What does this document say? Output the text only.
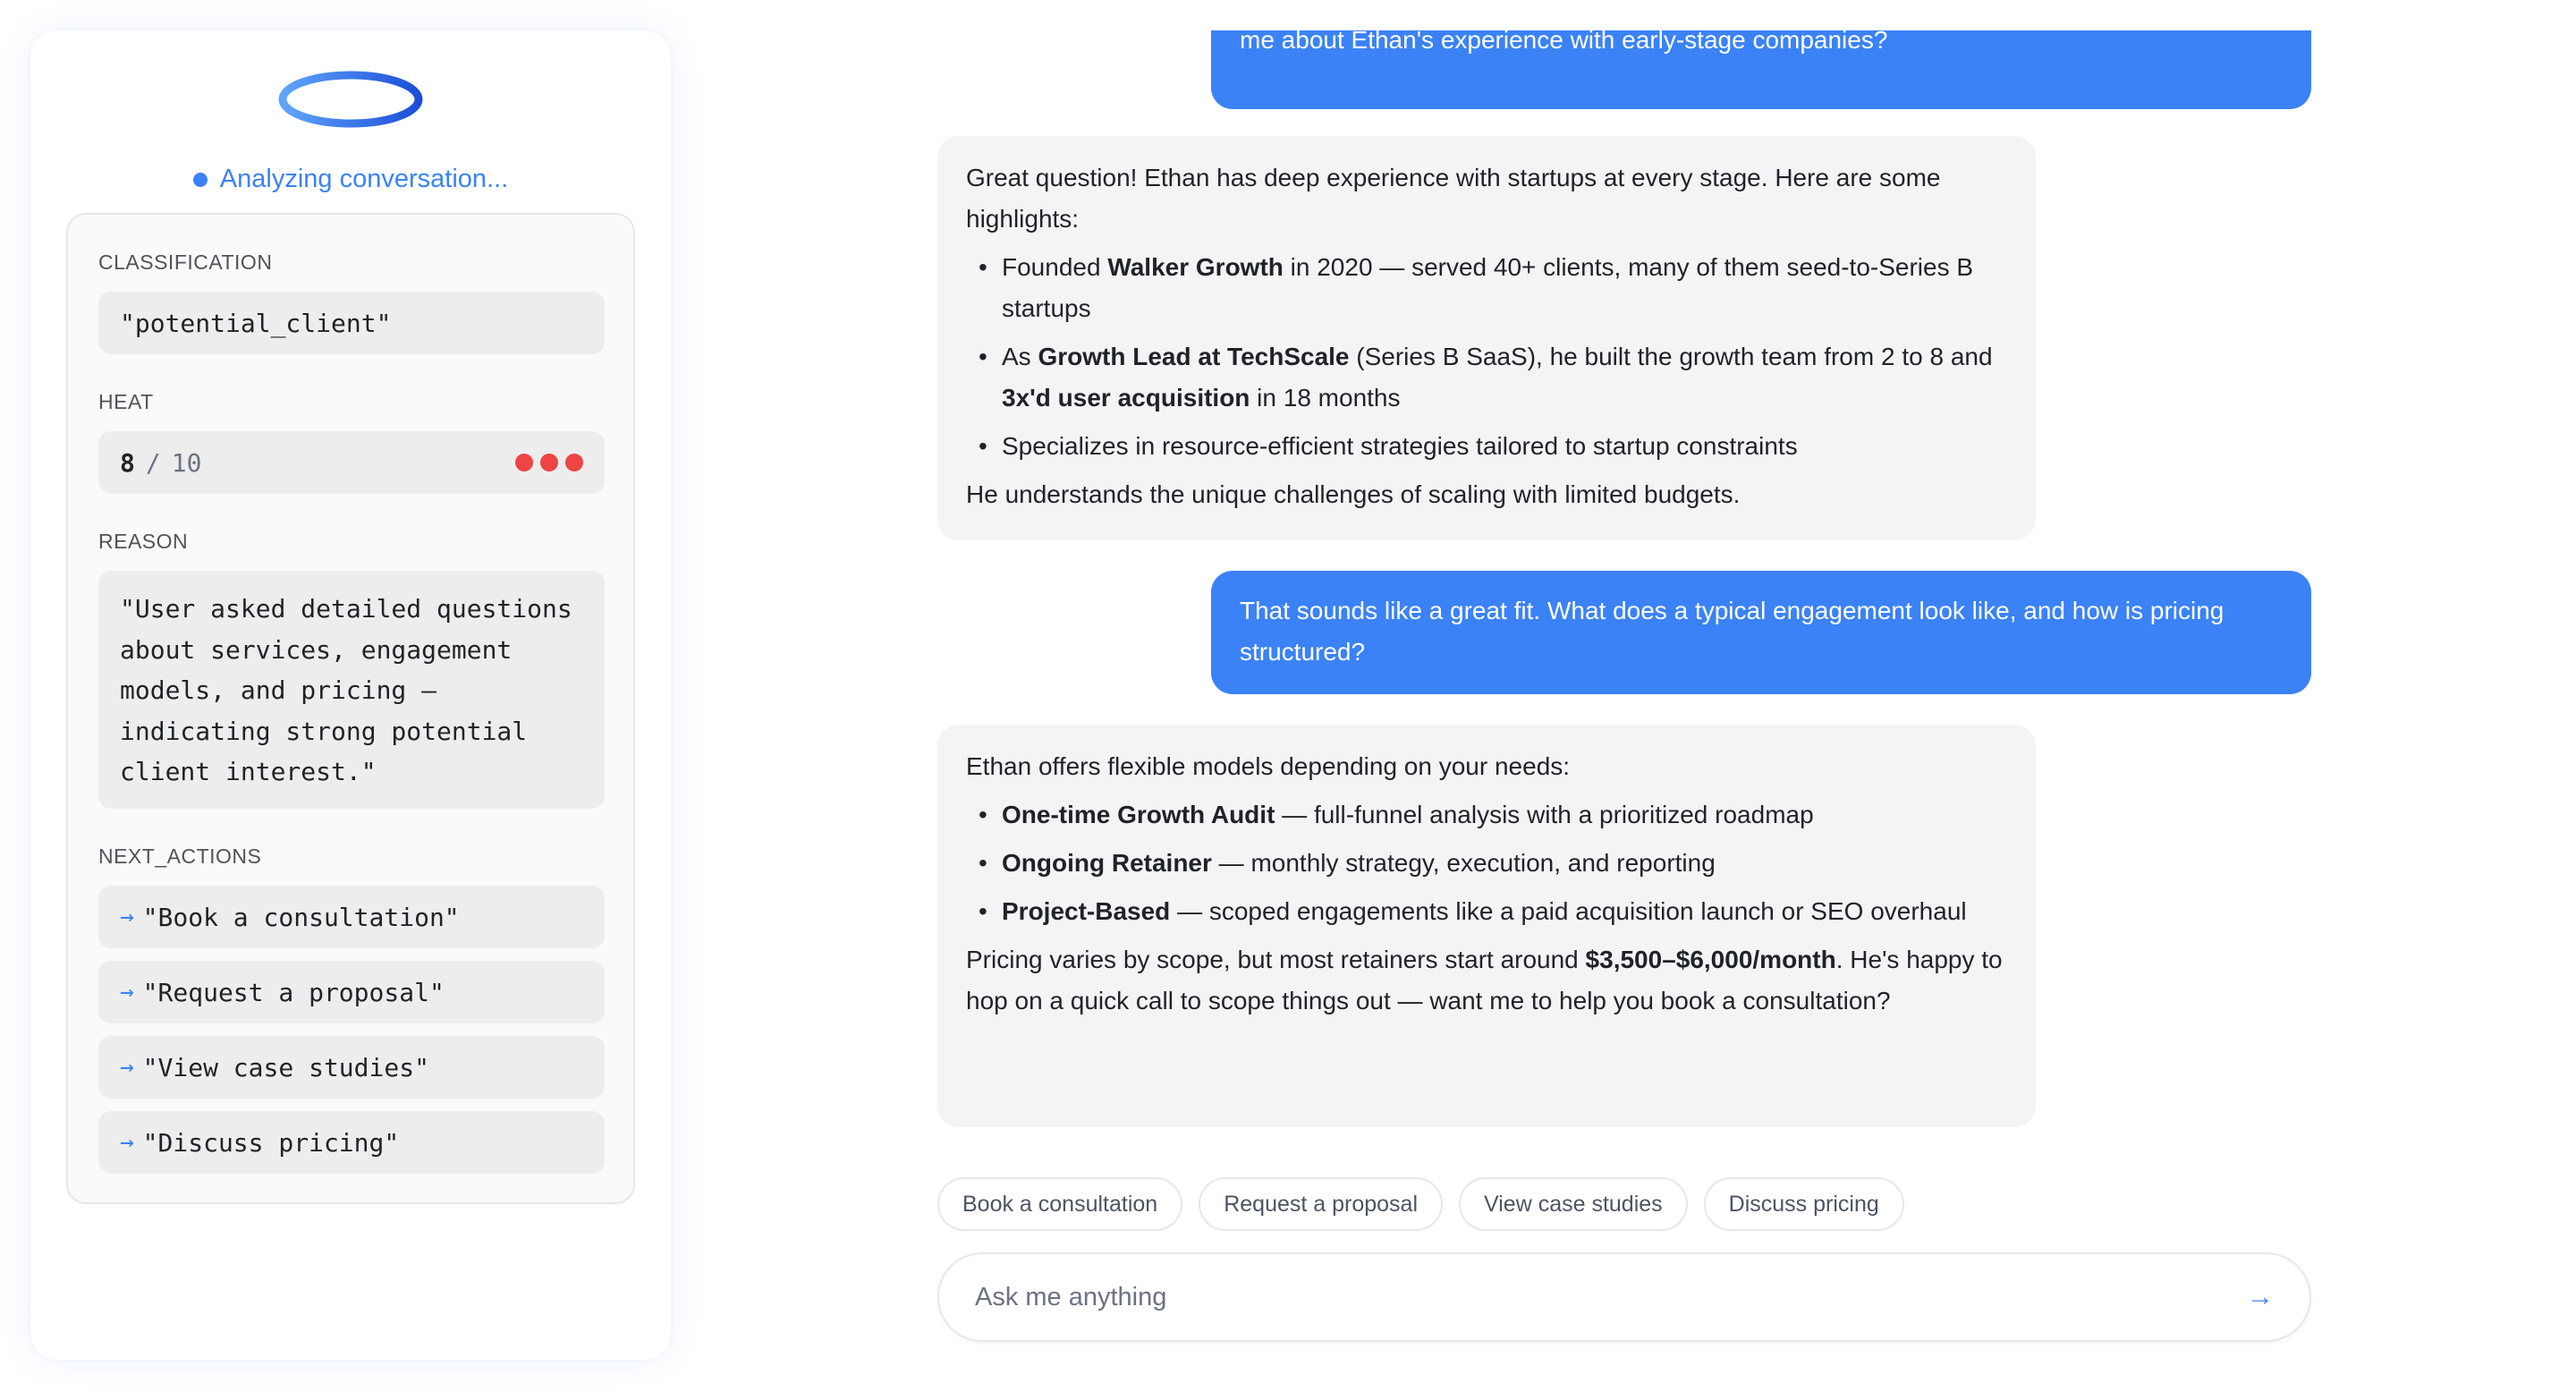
Analyzing conversation...
CLASSIFICATION
"potential_client"
HEAT
8 / 10
REASON
"User asked detailed questions about services, engagement models, and pricing — indicating strong potential client interest."
NEXT_ACTIONS
→ "Book a consultation"
→ "Request a proposal"
→ "View case studies"
→ "Discuss pricing"
me about Ethan's experience with early-stage companies?

Great question! Ethan has deep experience with startups at every stage. Here are some highlights:

• Founded Walker Growth in 2020 — served 40+ clients, many of them seed-to-Series B startups
• As Growth Lead at TechScale (Series B SaaS), he built the growth team from 2 to 8 and 3x'd user acquisition in 18 months
• Specializes in resource-efficient strategies tailored to startup constraints

He understands the unique challenges of scaling with limited budgets.

That sounds like a great fit. What does a typical engagement look like, and how is pricing structured?

Ethan offers flexible models depending on your needs:

• One-time Growth Audit — full-funnel analysis with a prioritized roadmap
• Ongoing Retainer — monthly strategy, execution, and reporting
• Project-Based — scoped engagements like a paid acquisition launch or SEO overhaul

Pricing varies by scope, but most retainers start around $3,500–$6,000/month. He's happy to hop on a quick call to scope things out — want me to help you book a consultation?

Book a consultation	Request a proposal	View case studies	Discuss pricing
Ask me anything
→
